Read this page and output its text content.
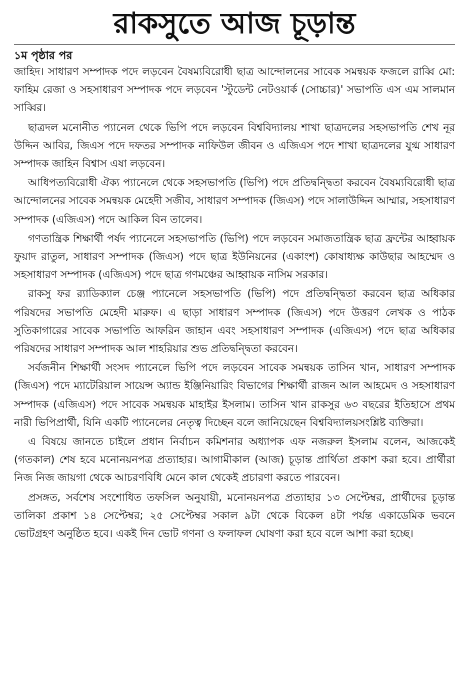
রাকসুতে আজ চূড়ান্ত

১ম পৃষ্ঠার পর

জাহিদ। সাধারণ সম্পাদক পদে লড়বেন বৈষম্যবিরোধী ছাত্র আন্দোলনের সাবেক সমন্বয়ক ফজলে রাব্বি মো: ফাহিম রেজা ও সহসাধারণ সম্পাদক পদে লড়বেন 'স্টুডেন্ট নেটওয়ার্ক (সোচ্চার)' সভাপতি এস এম সালমান সাব্বির।

ছাত্রদল মনোনীত প্যানেল থেকে ভিপি পদে লড়বেন বিশ্ববিদ্যালয় শাখা ছাত্রদলের সহসভাপতি শেখ নূর উদ্দিন আবির, জিএস পদে দফতর সম্পাদক নাফিউল জীবন ও এজিএস পদে শাখা ছাত্রদলের যুগ্ম সাধারণ সম্পাদক জাহিন বিশ্বাস এষা লড়বেন।

আধিপত্যবিরোধী ঐক্য প্যানেলে থেকে সহসভাপতি (ভিপি) পদে প্রতিদ্বন্দ্বিতা করবেন বৈষম্যবিরোধী ছাত্র আন্দোলনের সাবেক সমন্বয়ক মেহেদী সজীব, সাধারণ সম্পাদক (জিএস) পদে সালাউদ্দিন আম্মার, সহসাধারণ সম্পাদক (এজিএস) পদে আকিল বিন তালেব।

গণতান্ত্রিক শিক্ষার্থী পর্ষদ প্যানেলে সহসভাপতি (ভিপি) পদে লড়বেন সমাজতান্ত্রিক ছাত্র ফ্রন্টের আহ্বায়ক ফুয়াদ রাতুল, সাধারণ সম্পাদক (জিএস) পদে ছাত্র ইউনিয়নের (একাংশ) কোষাধ্যক্ষ কাউছার আহম্মেদ ও সহসাধারণ সম্পাদক (এজিএস) পদে ছাত্র গণমঞ্চের আহ্বায়ক নাসিম সরকার।

রাকসু ফর র‍্যাডিক্যাল চেঞ্জ প্যানেলে সহসভাপতি (ভিপি) পদে প্রতিদ্বন্দ্বিতা করবেন ছাত্র অধিকার পরিষদের সভাপতি মেহেদী মারুফ। এ ছাড়া সাধারণ সম্পাদক (জিএস) পদে উত্তরণ লেখক ও পাঠক সুতিকাগারের সাবেক সভাপতি আফরিন জাহান এবং সহসাধারণ সম্পাদক (এজিএস) পদে ছাত্র অধিকার পরিষদের সাধারণ সম্পাদক আল শাহরিয়ার শুভ প্রতিদ্বন্দ্বিতা করবেন।

সর্বজনীন শিক্ষার্থী সংসদ প্যানেলে ভিপি পদে লড়বেন সাবেক সমন্বয়ক তাসিন খান, সাধারণ সম্পাদক (জিএস) পদে ম্যাটেরিয়াল সায়েন্স অ্যান্ড ইঞ্জিনিয়ারিং বিভাগের শিক্ষার্থী রাজন আল আহমেদ ও সহসাধারণ সম্পাদক (এজিএস) পদে সাবেক সমন্বয়ক মাহাইর ইসলাম। তাসিন খান রাকসুর ৬৩ বছরের ইতিহাসে প্রথম নারী ভিপিপ্রার্থী, যিনি একটি প্যানেলের নেতৃত্ব দিচ্ছেন বলে জানিয়েছেন বিশ্ববিদ্যালয়সংশ্লিষ্ট ব্যক্তিরা।

এ বিষয়ে জানতে চাইলে প্রধান নির্বাচন কমিশনার অধ্যাপক এফ নজরুল ইসলাম বলেন, আজকেই (গতকাল) শেষ হবে মনোনয়নপত্র প্রত্যাহার। আগামীকাল (আজ) চূড়ান্ত প্রার্থিতা প্রকাশ করা হবে। প্রার্থীরা নিজ নিজ জায়গা থেকে আচরণবিধি মেনে কাল থেকেই প্রচারণা করতে পারবেন।

প্রসঙ্গত, সর্বশেষ সংশোধিত তফসিল অনুযায়ী, মনোনয়নপত্র প্রত্যাহার ১৩ সেপ্টেম্বর, প্রার্থীদের চূড়ান্ত তালিকা প্রকাশ ১৪ সেপ্টেম্বর; ২৫ সেপ্টেম্বর সকাল ৯টা থেকে বিকেল ৪টা পর্যন্ত একাডেমিক ভবনে ভোটগ্রহণ অনুষ্ঠিত হবে। একই দিন ভোট গণনা ও ফলাফল ঘোষণা করা হবে বলে আশা করা হচ্ছে।
